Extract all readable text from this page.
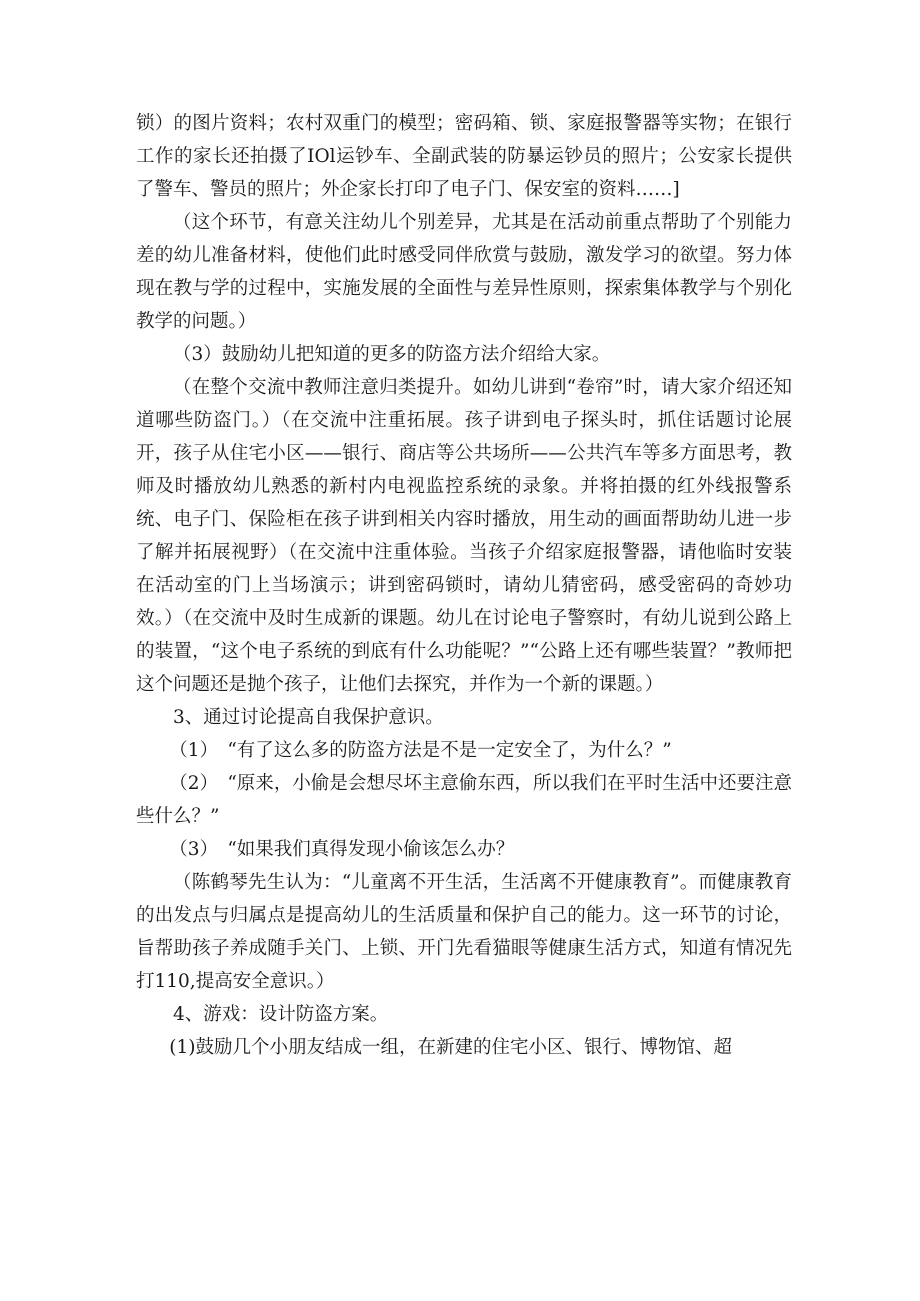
锁）的图片资料；农村双重门的模型；密码箱、锁、家庭报警器等实物；在银行工作的家长还拍摄了IOl运钞车、全副武装的防暴运钞员的照片；公安家长提供了警车、警员的照片；外企家长打印了电子门、保安室的资料……]

（这个环节，有意关注幼儿个别差异，尤其是在活动前重点帮助了个别能力差的幼儿准备材料，使他们此时感受同伴欣赏与鼓励，激发学习的欲望。努力体现在教与学的过程中，实施发展的全面性与差异性原则，探索集体教学与个别化教学的问题。）

（3）鼓励幼儿把知道的更多的防盗方法介绍给大家。

（在整个交流中教师注意归类提升。如幼儿讲到“卷帘”时，请大家介绍还知道哪些防盗门。）（在交流中注重拓展。孩子讲到电子探头时，抓住话题讨论展开，孩子从住宅小区——银行、商店等公共场所——公共汽车等多方面思考，教师及时播放幼儿熟悉的新村内电视监控系统的录象。并将拍摄的红外线报警系统、电子门、保险柜在孩子讲到相关内容时播放，用生动的画面帮助幼儿进一步了解并拓展视野）（在交流中注重体验。当孩子介绍家庭报警器，请他临时安装在活动室的门上当场演示；讲到密码锁时，请幼儿猜密码，感受密码的奇妙功效。）（在交流中及时生成新的课题。幼儿在讨论电子警察时，有幼儿说到公路上的装置，“这个电子系统的到底有什么功能呢？”“公路上还有哪些装置？”教师把这个问题还是抛个孩子，让他们去探究，并作为一个新的课题。）

3、通过讨论提高自我保护意识。

（1）　“有了这么多的防盗方法是不是一定安全了，为什么？”

（2）　“原来，小偷是会想尽坏主意偷东西，所以我们在平时生活中还要注意些什么？”

（3）　“如果我们真得发现小偷该怎么办？

（陈鹤琴先生认为：“儿童离不开生活，生活离不开健康教育”。而健康教育的出发点与归属点是提高幼儿的生活质量和保护自己的能力。这一环节的讨论，旨帮助孩子养成随手关门、上锁、开门先看猫眼等健康生活方式，知道有情况先打110,提高安全意识。）

4、游戏：设计防盗方案。

(1)鼓励几个小朋友结成一组，在新建的住宅小区、银行、博物馆、超
